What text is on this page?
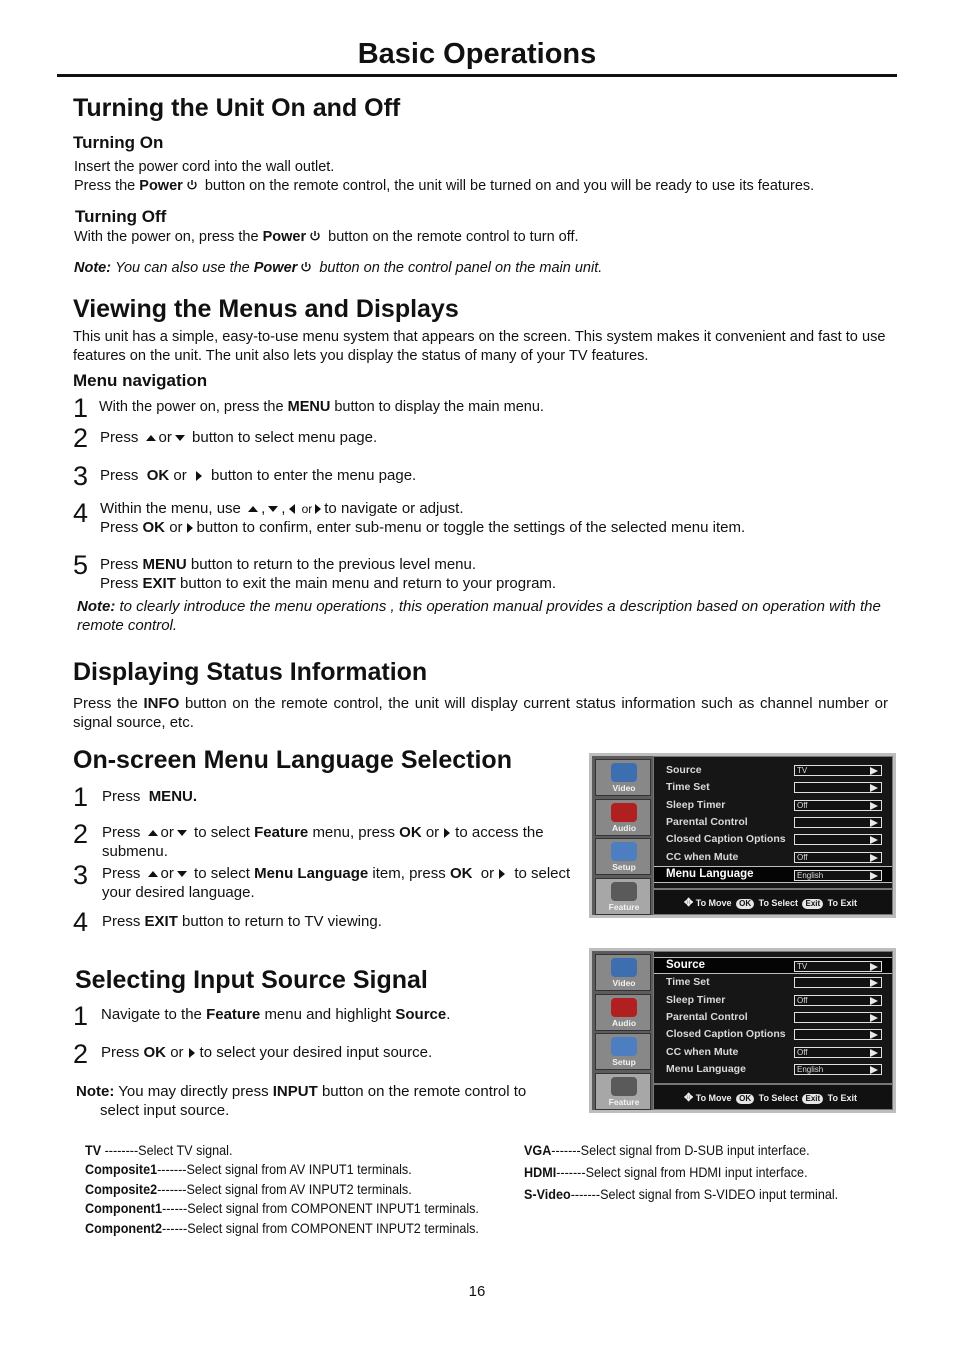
Basic Operations
Turning the Unit On and Off
Turning On
Insert the power cord into the wall outlet.
Press the Power button on the remote control, the unit will be turned on and you will be ready to use its features.
Turning Off
With the power on, press the Power button on the remote control to turn off.
Note: You can also use the Power button on the control panel on the main unit.
Viewing the Menus and Displays
This unit has a simple, easy-to-use menu system that appears on the screen. This system makes it convenient and fast to use features on the unit. The unit also lets you display the status of many of your TV features.
Menu navigation
1 With the power on, press the MENU button to display the main menu.
2 Press or button to select menu page.
3 Press OK or button to enter the menu page.
4 Within the menu, use , , or to navigate or adjust.
Press OK or button to confirm, enter sub-menu or toggle the settings of the selected menu item.
5 Press MENU button to return to the previous level menu.
Press EXIT button to exit the main menu and return to your program.
Note: to clearly introduce the menu operations , this operation manual provides a description based on operation with the remote control.
Displaying Status Information
Press the INFO button on the remote control, the unit will display current status information such as channel number or signal source, etc.
On-screen Menu Language Selection
1 Press MENU.
2 Press or to select Feature menu, press OK or to access the submenu.
3 Press or to select Menu Language item, press OK or to select your desired language.
4 Press EXIT button to return to TV viewing.
Selecting Input Source Signal
1 Navigate to the Feature menu and highlight Source.
2 Press OK or to select your desired input source.
Note: You may directly press INPUT button on the remote control to
select input source.
TV --------Select TV signal.
Composite1-------Select signal from AV INPUT1 terminals.
Composite2-------Select signal from AV INPUT2 terminals.
Component1------Select signal from COMPONENT INPUT1 terminals.
Component2------Select signal from COMPONENT INPUT2 terminals.
VGA-------Select signal from D-SUB input interface.
HDMI-------Select signal from HDMI input interface.
S-Video-------Select signal from S-VIDEO input terminal.
16
Video
Audio
Setup
Feature
Source	TV
Time Set
Sleep Timer	Off
Parental Control
Closed Caption Options
CC when Mute	Off
Menu Language	English
✥ To Move OK To Select Exit To Exit
Video
Audio
Setup
Feature
Source	TV
Time Set
Sleep Timer	Off
Parental Control
Closed Caption Options
CC when Mute	Off
Menu Language	English
✥ To Move OK To Select Exit To Exit
